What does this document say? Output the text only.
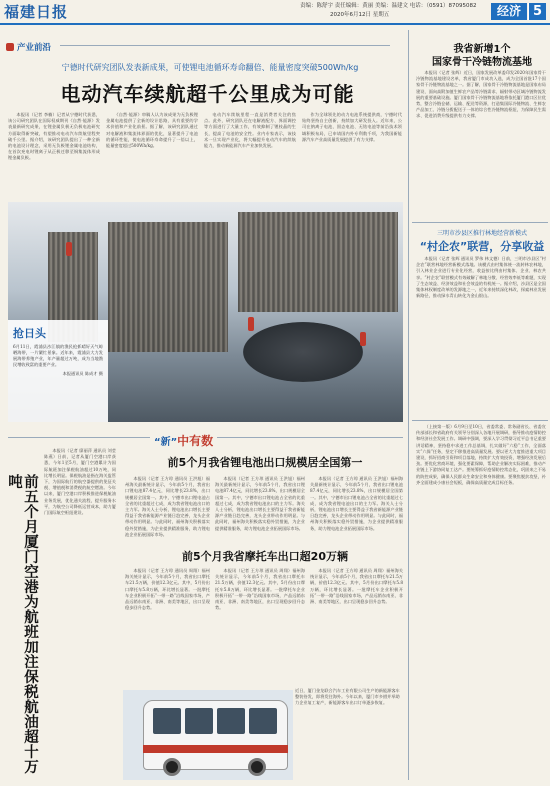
福建日报	责编：陈舒宇 责任编辑：黄丽 美编：温建文 电话：（0591）87095082
2020年6月12日 星期五	经济 5
产业前沿
宁德时代研究团队发表新成果，可使锂电池循环寿命翻倍、能量密度突破500Wh/kg
电动汽车续航超千公里成为可能

本报讯（记者 李楠）记者从宁德时代获悉，该公司研究团队在国际权威期刊《自然·能源》发表最新研究成果，在锂金属负极无负极电池研究方面取得新突破，有望推动电动汽车续航里程突破千公里。据介绍，该研究团队提出了一种全新的电池设计理念，采用无负极锂金属电池结构，在首次充电时锂离子从正极迁移至铜集流体形成锂金属负极。

《自然·能源》审稿人认为该成果为无负极锂金属电池提供了全新的设计思路，具有重要的学术价值和产业化前景。据了解，该研究团队通过对电解液和集流体界面的优化，显著提升了电池的循环性能，使电池循环寿命提升了一倍以上，能量密度超过500Wh/kg。

电动汽车续航里程一直是消费者关注的焦点。此外，研究团队还在电解液配方、界面调控等方面进行了大量工作，有效抑制了锂枝晶的生长，提高了电池的安全性。业内专家表示，该技术一旦实现产业化，将大幅提升电动汽车的续航能力，推动新能源汽车产业加快发展。

作为全球领先的动力电池系统提供商，宁德时代始终坚持自主创新，持续加大研发投入。近年来，公司在钠离子电池、固态电池、无钴电池等前沿技术领域积极布局，已申请国内外专利数千项，为我国新能源汽车产业高质量发展提供了有力支撑。

抢日头
6月11日，霞浦县沙江镇的渔民抢抓晴好天气晾晒海带，一片繁忙景象。近年来，霞浦县大力发展海带养殖产业，年产量超过万吨，成为当地渔民增收致富的重要产业。
本报通讯员 陈成才 摄
“新”中有数
前五个月厦门空港为航班加注保税航油超十万吨

本报讯（记者 廖丽萍 通讯员 刘莹 陈燕）日前，记者从厦门空港口岸获悉，今年1至5月，厦门空港累计为国际航班加注保税航油超过10万吨，同比增长明显。保税航油是指在海关监管下，为国际航行的航空器提供的免征关税、增值税和消费税的航空燃油。今年以来，厦门空港口岸积极推进保税航油业务发展，优化通关流程，提升服务水平，为航空公司降低运营成本，助力厦门国际航空枢纽建设。

前5个月我省锂电池出口规模居全国第一

本报讯（记者 王方琼 通讯员 王洪旭）福州海关最新统计显示，今年前5个月，我省出口锂电池87.4亿元，同比增长23.8%，出口规模居全国第一。其中，宁德市出口锂电池占全省的比重超过七成，成为我省锂电池出口的主力军。海关人士分析，锂电池出口增长主要得益于我省新能源产业链日趋完善，龙头企业带动作用明显。与此同时，福州海关积极落实稳外贸措施，为企业提供精准服务，助力锂电池企业拓展国际市场。

本报讯（记者 王方琼 通讯员 王洪旭）福州海关最新统计显示，今年前5个月，我省出口锂电池87.4亿元，同比增长23.8%，出口规模居全国第一。其中，宁德市出口锂电池占全省的比重超过七成，成为我省锂电池出口的主力军。海关人士分析，锂电池出口增长主要得益于我省新能源产业链日趋完善，龙头企业带动作用明显。与此同时，福州海关积极落实稳外贸措施，为企业提供精准服务，助力锂电池企业拓展国际市场。

本报讯（记者 王方琼 通讯员 王洪旭）福州海关最新统计显示，今年前5个月，我省出口锂电池87.4亿元，同比增长23.8%，出口规模居全国第一。其中，宁德市出口锂电池占全省的比重超过七成，成为我省锂电池出口的主力军。海关人士分析，锂电池出口增长主要得益于我省新能源产业链日趋完善，龙头企业带动作用明显。与此同时，福州海关积极落实稳外贸措施，为企业提供精准服务，助力锂电池企业拓展国际市场。

前5个月我省摩托车出口超20万辆

本报讯（记者 王方琼 通讯员 周翔）福州海关统计显示，今年前5个月，我省出口摩托车21.5万辆，价值12.3亿元。其中，5月份出口摩托车5.8万辆，环比增长显著。一批摩托车企业积极开拓“一带一路”沿线国家市场，产品远销东南亚、非洲、南美等地区，出口呈现稳步回升态势。

本报讯（记者 王方琼 通讯员 周翔）福州海关统计显示，今年前5个月，我省出口摩托车21.5万辆，价值12.3亿元。其中，5月份出口摩托车5.8万辆，环比增长显著。一批摩托车企业积极开拓“一带一路”沿线国家市场，产品远销东南亚、非洲、南美等地区，出口呈现稳步回升态势。

本报讯（记者 王方琼 通讯员 周翔）福州海关统计显示，今年前5个月，我省出口摩托车21.5万辆，价值12.3亿元。其中，5月份出口摩托车5.8万辆，环比增长显著。一批摩托车企业积极开拓“一带一路”沿线国家市场，产品远销东南亚、非洲、南美等地区，出口呈现稳步回升态势。

近日，厦门金龙联合汽车工业有限公司生产的新能源客车整装待发，即将发往海外。今年以来，厦门市多措并举助力企业复工复产，新能源客车出口订单逐步恢复。
我省新增1个
国家骨干冷链物流基地

本报讯（记者 张辉）近日，国家发展改革委印发2020年国家骨干冷链物流基地建设名单，我省厦门市成功入选，成为全国首批17个国家骨干冷链物流基地之一。据了解，国家骨干冷链物流基地是国家布局建设、面向高附加值生鲜农产品等冷链需求、辐射带动区域冷链物流发展的重要基础设施。厦门国家骨干冷链物流基地将依托厦门港口区位优势，整合冷链仓储、运输、配送等资源，打造集国际冷链物流、生鲜农产品加工、冷链分拨配送于一体的综合性冷链物流枢纽，为保障民生需求、促进消费升级提供有力支撑。

三明市沙县区推行林地经营新模式
“村企农”联营，分享收益

本报讯（记者 张辉 通讯员 罗伟 林文德）日前，三明市沙县区“村企农”联营林地经营新模式落地。该模式由村集体统一流转林农林地，引入林业企业进行专业化经营，收益按比例由村集体、企业、林农共享。“村企农”联营模式有效破解了林地分散、经营效率低等难题，实现了生态效益、经济效益和社会效益的有机统一。据介绍，沙县区是全国集体林权制度改革的发源地之一，近年来持续深化林改，探索林业发展新路径，推动绿水青山转化为金山银山。

（上接第一版）6月9日至10日，省委常委、常务副省长、省委宣传部部长和省政府有关领导分别深入各地开展调研，指导推动疫情防控和经济社会发展工作。调研中强调，要深入学习贯彻习近平总书记重要讲话精神，坚持稳中求进工作总基调，扎实做好“六稳”工作，全面落实“六保”任务，坚定不移推进高质量发展。要以更大力度推进重大项目建设，抓好招商引资和项目落地，持续扩大有效投资，增强经济发展后劲。要优化营商环境，强化要素保障，帮助企业解决实际困难，推动产业链上下游协同复工达产。要统筹抓好疫情防控常态化，巩固来之不易的防控成果，确保人民群众生命安全和身体健康。要聚焦脱贫攻坚，补齐全面建成小康社会短板，确保高质量完成目标任务。
